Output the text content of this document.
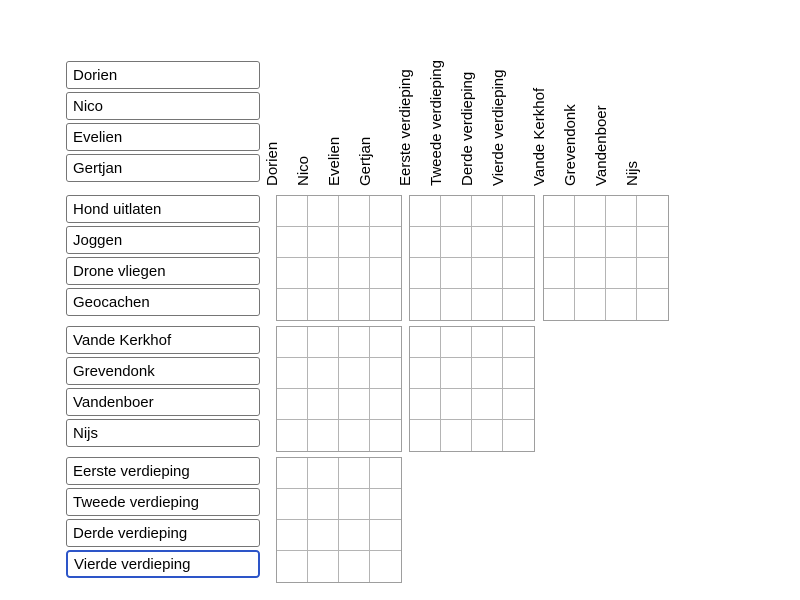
Dorien Nico Evelien Gertjan Eerste verdieping Tweede verdieping Derde verdieping Vierde verdieping Vande Kerkhof Grevendonk Vandenboer Nijs
Dorien
Nico
Evelien
Gertjan
Hond uitlaten
Joggen
Drone vliegen
Geocachen
Vande Kerkhof
Grevendonk
Vandenboer
Nijs
Eerste verdieping
Tweede verdieping
Derde verdieping
Vierde verdieping
